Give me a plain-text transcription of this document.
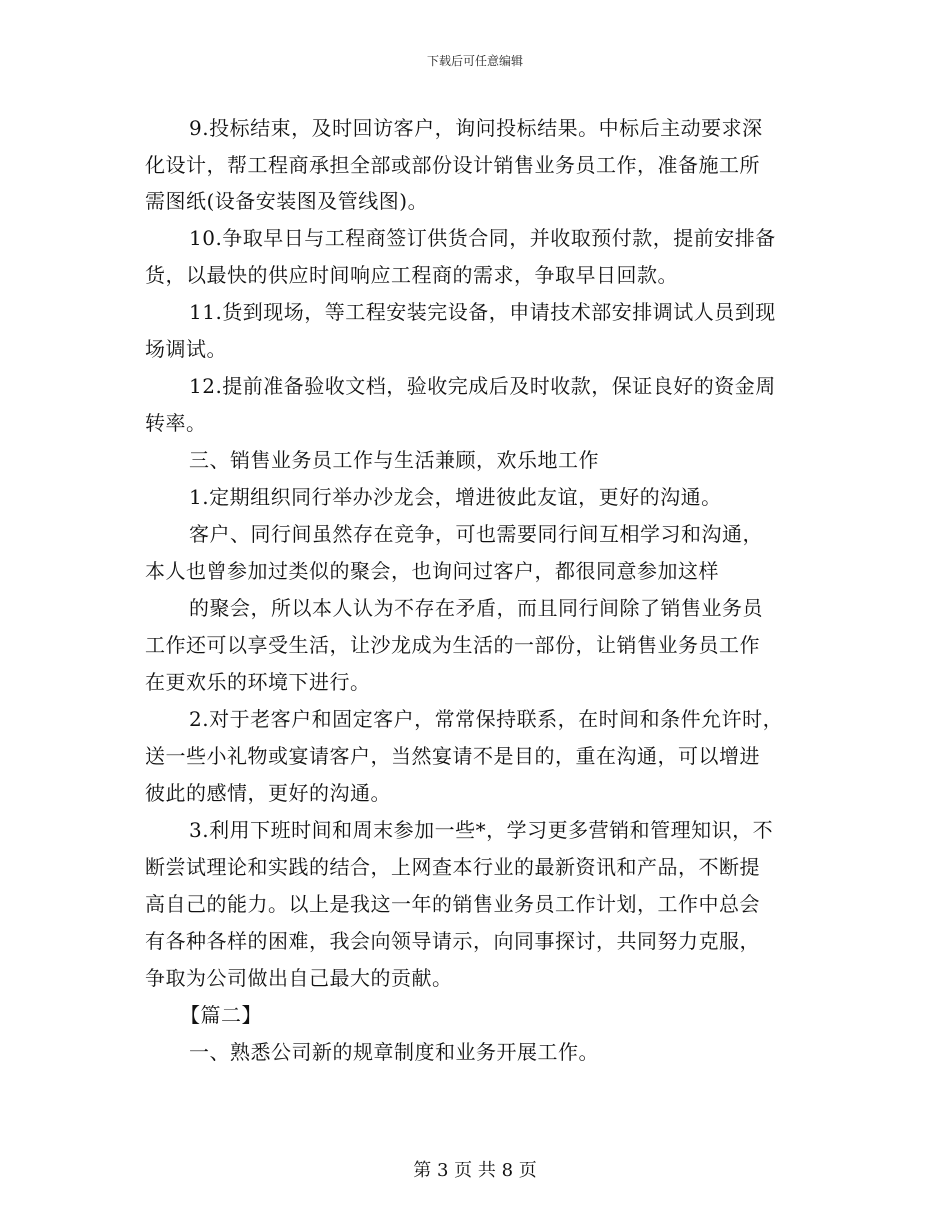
下载后可任意编辑
9.投标结束，及时回访客户，询问投标结果。中标后主动要求深
化设计，帮工程商承担全部或部份设计销售业务员工作，准备施工所
需图纸(设备安装图及管线图)。
10.争取早日与工程商签订供货合同，并收取预付款，提前安排备
货，以最快的供应时间响应工程商的需求，争取早日回款。
11.货到现场，等工程安装完设备，申请技术部安排调试人员到现
场调试。
12.提前准备验收文档，验收完成后及时收款，保证良好的资金周
转率。
三、销售业务员工作与生活兼顾，欢乐地工作
1.定期组织同行举办沙龙会，增进彼此友谊，更好的沟通。
客户、同行间虽然存在竞争，可也需要同行间互相学习和沟通，
本人也曾参加过类似的聚会，也询问过客户，都很同意参加这样
的聚会，所以本人认为不存在矛盾，而且同行间除了销售业务员
工作还可以享受生活，让沙龙成为生活的一部份，让销售业务员工作
在更欢乐的环境下进行。
2.对于老客户和固定客户，常常保持联系，在时间和条件允许时，
送一些小礼物或宴请客户，当然宴请不是目的，重在沟通，可以增进
彼此的感情，更好的沟通。
3.利用下班时间和周末参加一些*，学习更多营销和管理知识，不
断尝试理论和实践的结合，上网查本行业的最新资讯和产品，不断提
高自己的能力。以上是我这一年的销售业务员工作计划，工作中总会
有各种各样的困难，我会向领导请示，向同事探讨，共同努力克服，
争取为公司做出自己最大的贡献。
【篇二】
一、熟悉公司新的规章制度和业务开展工作。
第 3 页 共 8 页
